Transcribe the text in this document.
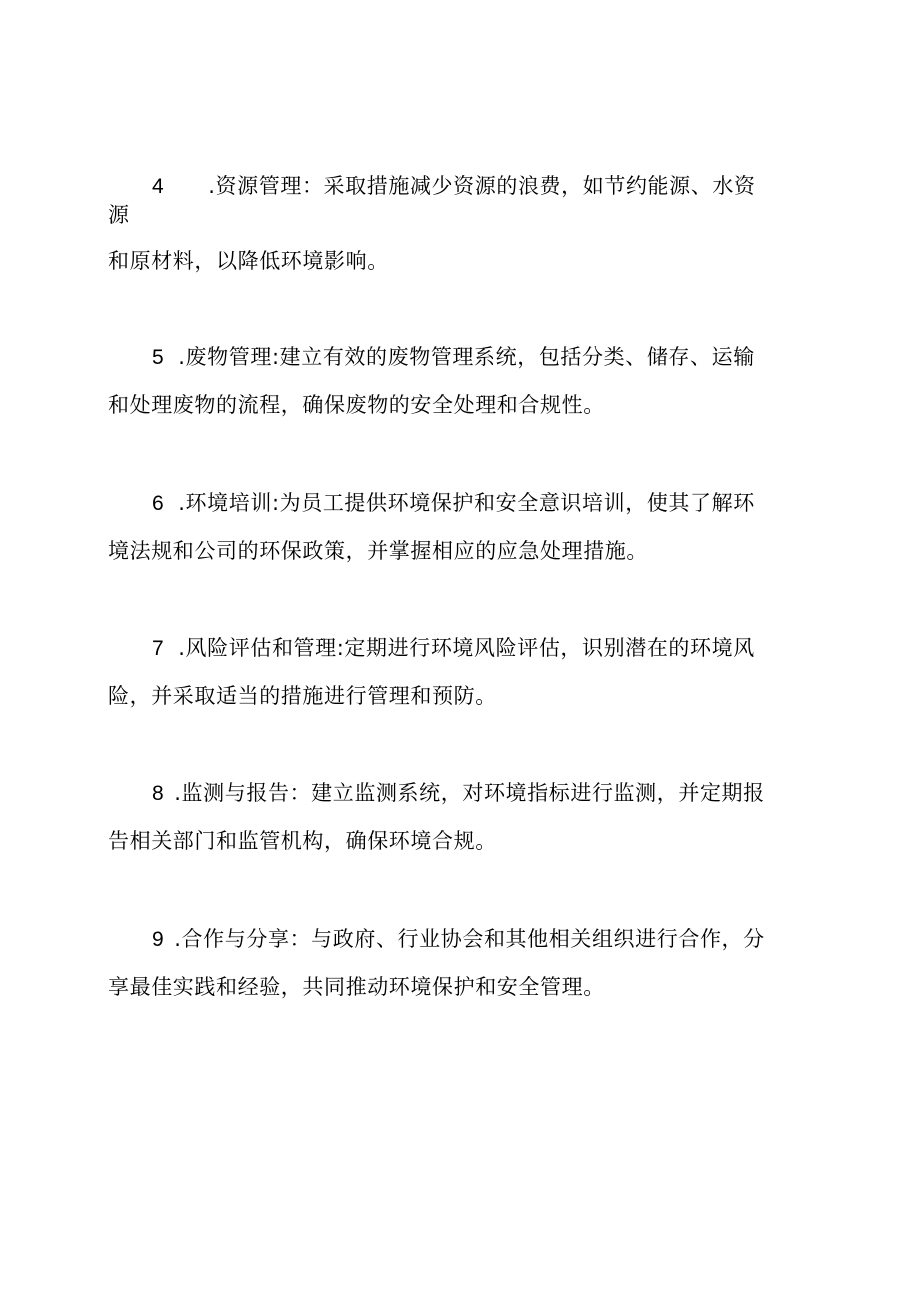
4 .资源管理：采取措施减少资源的浪费，如节约能源、水资
源
和原材料，以降低环境影响。
5 .废物管理:建立有效的废物管理系统，包括分类、储存、运输
和处理废物的流程，确保废物的安全处理和合规性。
6 .环境培训:为员工提供环境保护和安全意识培训，使其了解环
境法规和公司的环保政策，并掌握相应的应急处理措施。
7 .风险评估和管理:定期进行环境风险评估，识别潜在的环境风
险，并采取适当的措施进行管理和预防。
8 .监测与报告：建立监测系统，对环境指标进行监测，并定期报
告相关部门和监管机构，确保环境合规。
9 .合作与分享：与政府、行业协会和其他相关组织进行合作，分
享最佳实践和经验，共同推动环境保护和安全管理。
